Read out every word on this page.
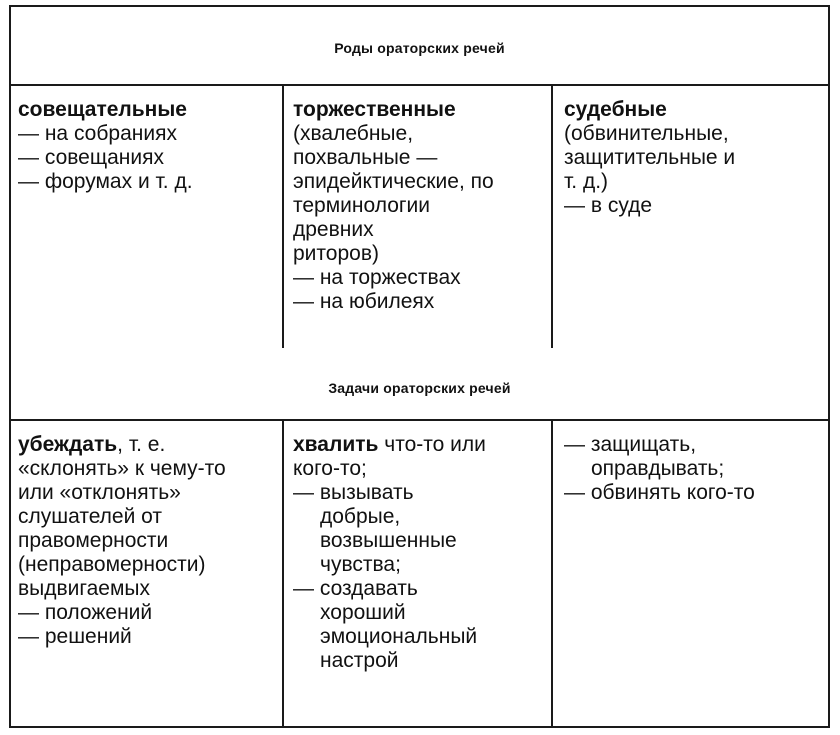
Роды ораторских речей
совещательные
— на собраниях
— совещаниях
— форумах и т. д.
торжественные
(хвалебные,
похвальные —
эпидейктические, по
терминологии
древних
риторов)
— на торжествах
— на юбилеях
судебные
(обвинительные,
защитительные и
т. д.)
— в суде
Задачи ораторских речей
убеждать, т. е.
«склонять» к чему-то
или «отклонять»
слушателей от
правомерности
(неправомерности)
выдвигаемых
— положений
— решений
хвалить что-то или
кого-то;
— вызывать
добрые,
возвышенные
чувства;
— создавать
хороший
эмоциональный
настрой
— защищать,
оправдывать;
— обвинять кого-то
